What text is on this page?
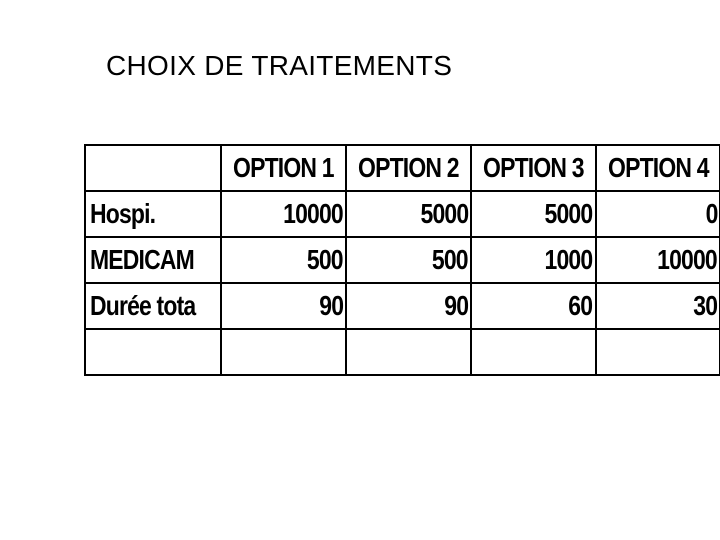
CHOIX DE TRAITEMENTS
	OPTION 1	OPTION 2	OPTION 3	OPTION 4
Hospi.	10000	5000	5000	0
MEDICAM	500	500	1000	10000
Durée tota	90	90	60	30
